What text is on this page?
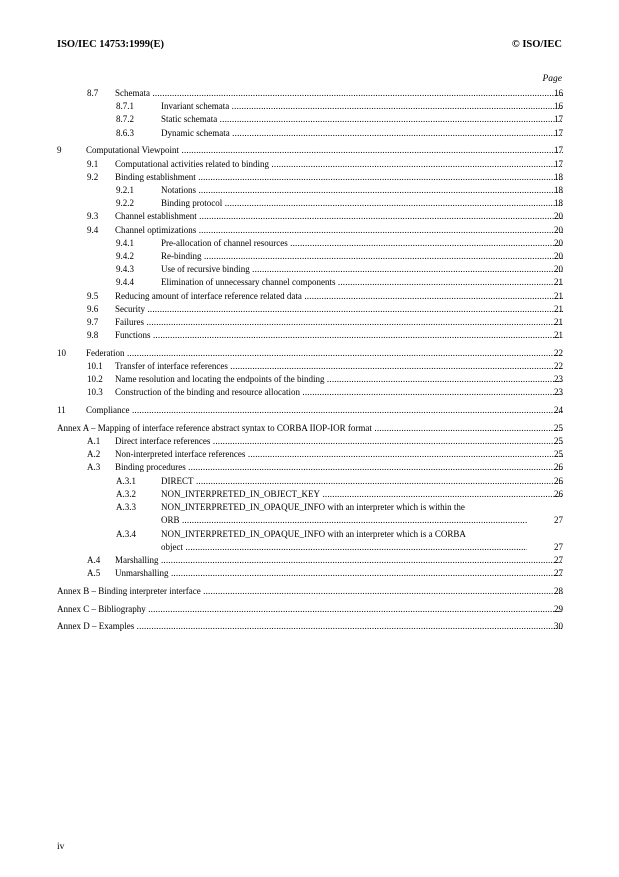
ISO/IEC 14753:1999(E)	© ISO/IEC
Page
8.7 Schemata .....	16
8.7.1	Invariant schemata .....	16
8.7.2	Static schemata .....	17
8.6.3	Dynamic schemata .....	17
9	Computational Viewpoint .....	17
9.1 Computational activities related to binding .....	17
9.2 Binding establishment .....	18
9.2.1	Notations .....	18
9.2.2	Binding protocol .....	18
9.3 Channel establishment .....	20
9.4 Channel optimizations .....	20
9.4.1	Pre-allocation of channel resources .....	20
9.4.2	Re-binding .....	20
9.4.3	Use of recursive binding .....	20
9.4.4	Elimination of unnecessary channel components .....	21
9.5 Reducing amount of interface reference related data .....	21
9.6 Security .....	21
9.7 Failures .....	21
9.8 Functions .....	21
10 Federation .....	22
10.1 Transfer of interface references .....	22
10.2 Name resolution and locating the endpoints of the binding .....	23
10.3 Construction of the binding and resource allocation .....	23
11 Compliance .....	24
Annex A – Mapping of interface reference abstract syntax to CORBA IIOP-IOR format .....	25
A.1 Direct interface references .....	25
A.2 Non-interpreted interface references .....	25
A.3 Binding procedures .....	26
A.3.1	DIRECT .....	26
A.3.2	NON_INTERPRETED_IN_OBJECT_KEY .....	26
A.3.3	NON_INTERPRETED_IN_OPAQUE_INFO with an interpreter which is within the
ORB .....	27
A.3.4	NON_INTERPRETED_IN_OPAQUE_INFO with an interpreter which is a CORBA
object .....	27
A.4 Marshalling .....	27
A.5 Unmarshalling .....	27
Annex B – Binding interpreter interface .....	28
Annex C – Bibliography .....	29
Annex D – Examples .....	30
iv
